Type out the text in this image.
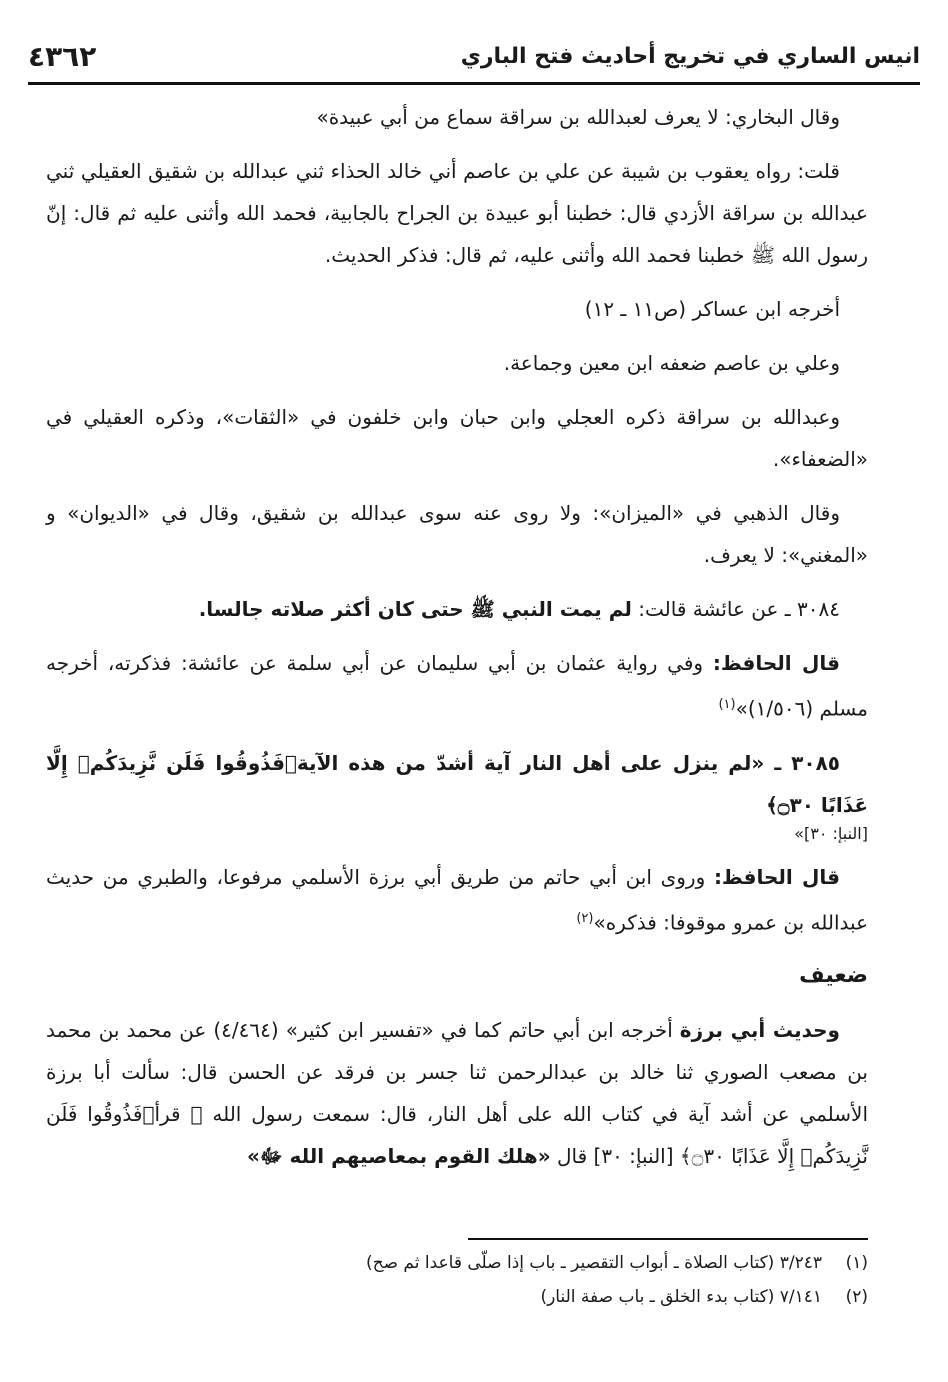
انيس الساري في تخريج أحاديث فتح الباري
٤٣٦٢

وقال البخاري: لا يعرف لعبدالله بن سراقة سماع من أبي عبيدة»

قلت: رواه يعقوب بن شيبة عن علي بن عاصم أني خالد الحذاء ثني عبدالله بن شقيق العقيلي ثني عبدالله بن سراقة الأزدي قال: خطبنا أبو عبيدة بن الجراح بالجابية، فحمد الله وأثنى عليه ثم قال: إنّ رسول الله ﷺ خطبنا فحمد الله وأثنى عليه، ثم قال: فذكر الحديث.

أخرجه ابن عساكر (ص١١ ـ ١٢)

وعلي بن عاصم ضعفه ابن معين وجماعة.

وعبدالله بن سراقة ذكره العجلي وابن حبان وابن خلفون في «الثقات»، وذكره العقيلي في «الضعفاء».

وقال الذهبي في «الميزان»: ولا روى عنه سوى عبدالله بن شقيق، وقال في «الديوان» و «المغني»: لا يعرف.

٣٠٨٤ ـ عن عائشة قالت: لم يمت النبي ﷺ حتى كان أكثر صلاته جالسا.

قال الحافظ: وفي رواية عثمان بن أبي سليمان عن أبي سلمة عن عائشة: فذكرته، أخرجه مسلم (١/٥٠٦)»$^{(١)}$

٣٠٨٥ ـ «لم ينزل على أهل النار آية أشدّ من هذه الآية﴿فَذُوقُوا فَلَن نَّزِيدَكُمۡ إِلَّا عَذَابًا ۝٣٠﴾

[النبإ: ٣٠]»

قال الحافظ: وروى ابن أبي حاتم من طريق أبي برزة الأسلمي مرفوعا، والطبري من حديث عبدالله بن عمرو موقوفا: فذكره»$^{(٢)}$

ضعيف

وحديث أبي برزة أخرجه ابن أبي حاتم كما في «تفسير ابن كثير» (٤/٤٦٤) عن محمد بن محمد بن مصعب الصوري ثنا خالد بن عبدالرحمن ثنا جسر بن فرقد عن الحسن قال: سألت أبا برزة الأسلمي عن أشد آية في كتاب الله على أهل النار، قال: سمعت رسول الله ﷺ قرأ﴿فَذُوقُوا فَلَن نَّزِيدَكُمۡ إِلَّا عَذَابًا ۝٣٠﴾ [النبإ: ٣٠] قال «هلك القوم بمعاصيهم الله ﷻ»

(١)
٣/٢٤٣ (كتاب الصلاة ـ أبواب التقصير ـ باب إذا صلّى قاعدا ثم صح)
(٢)
٧/١٤١ (كتاب بدء الخلق ـ باب صفة النار)
